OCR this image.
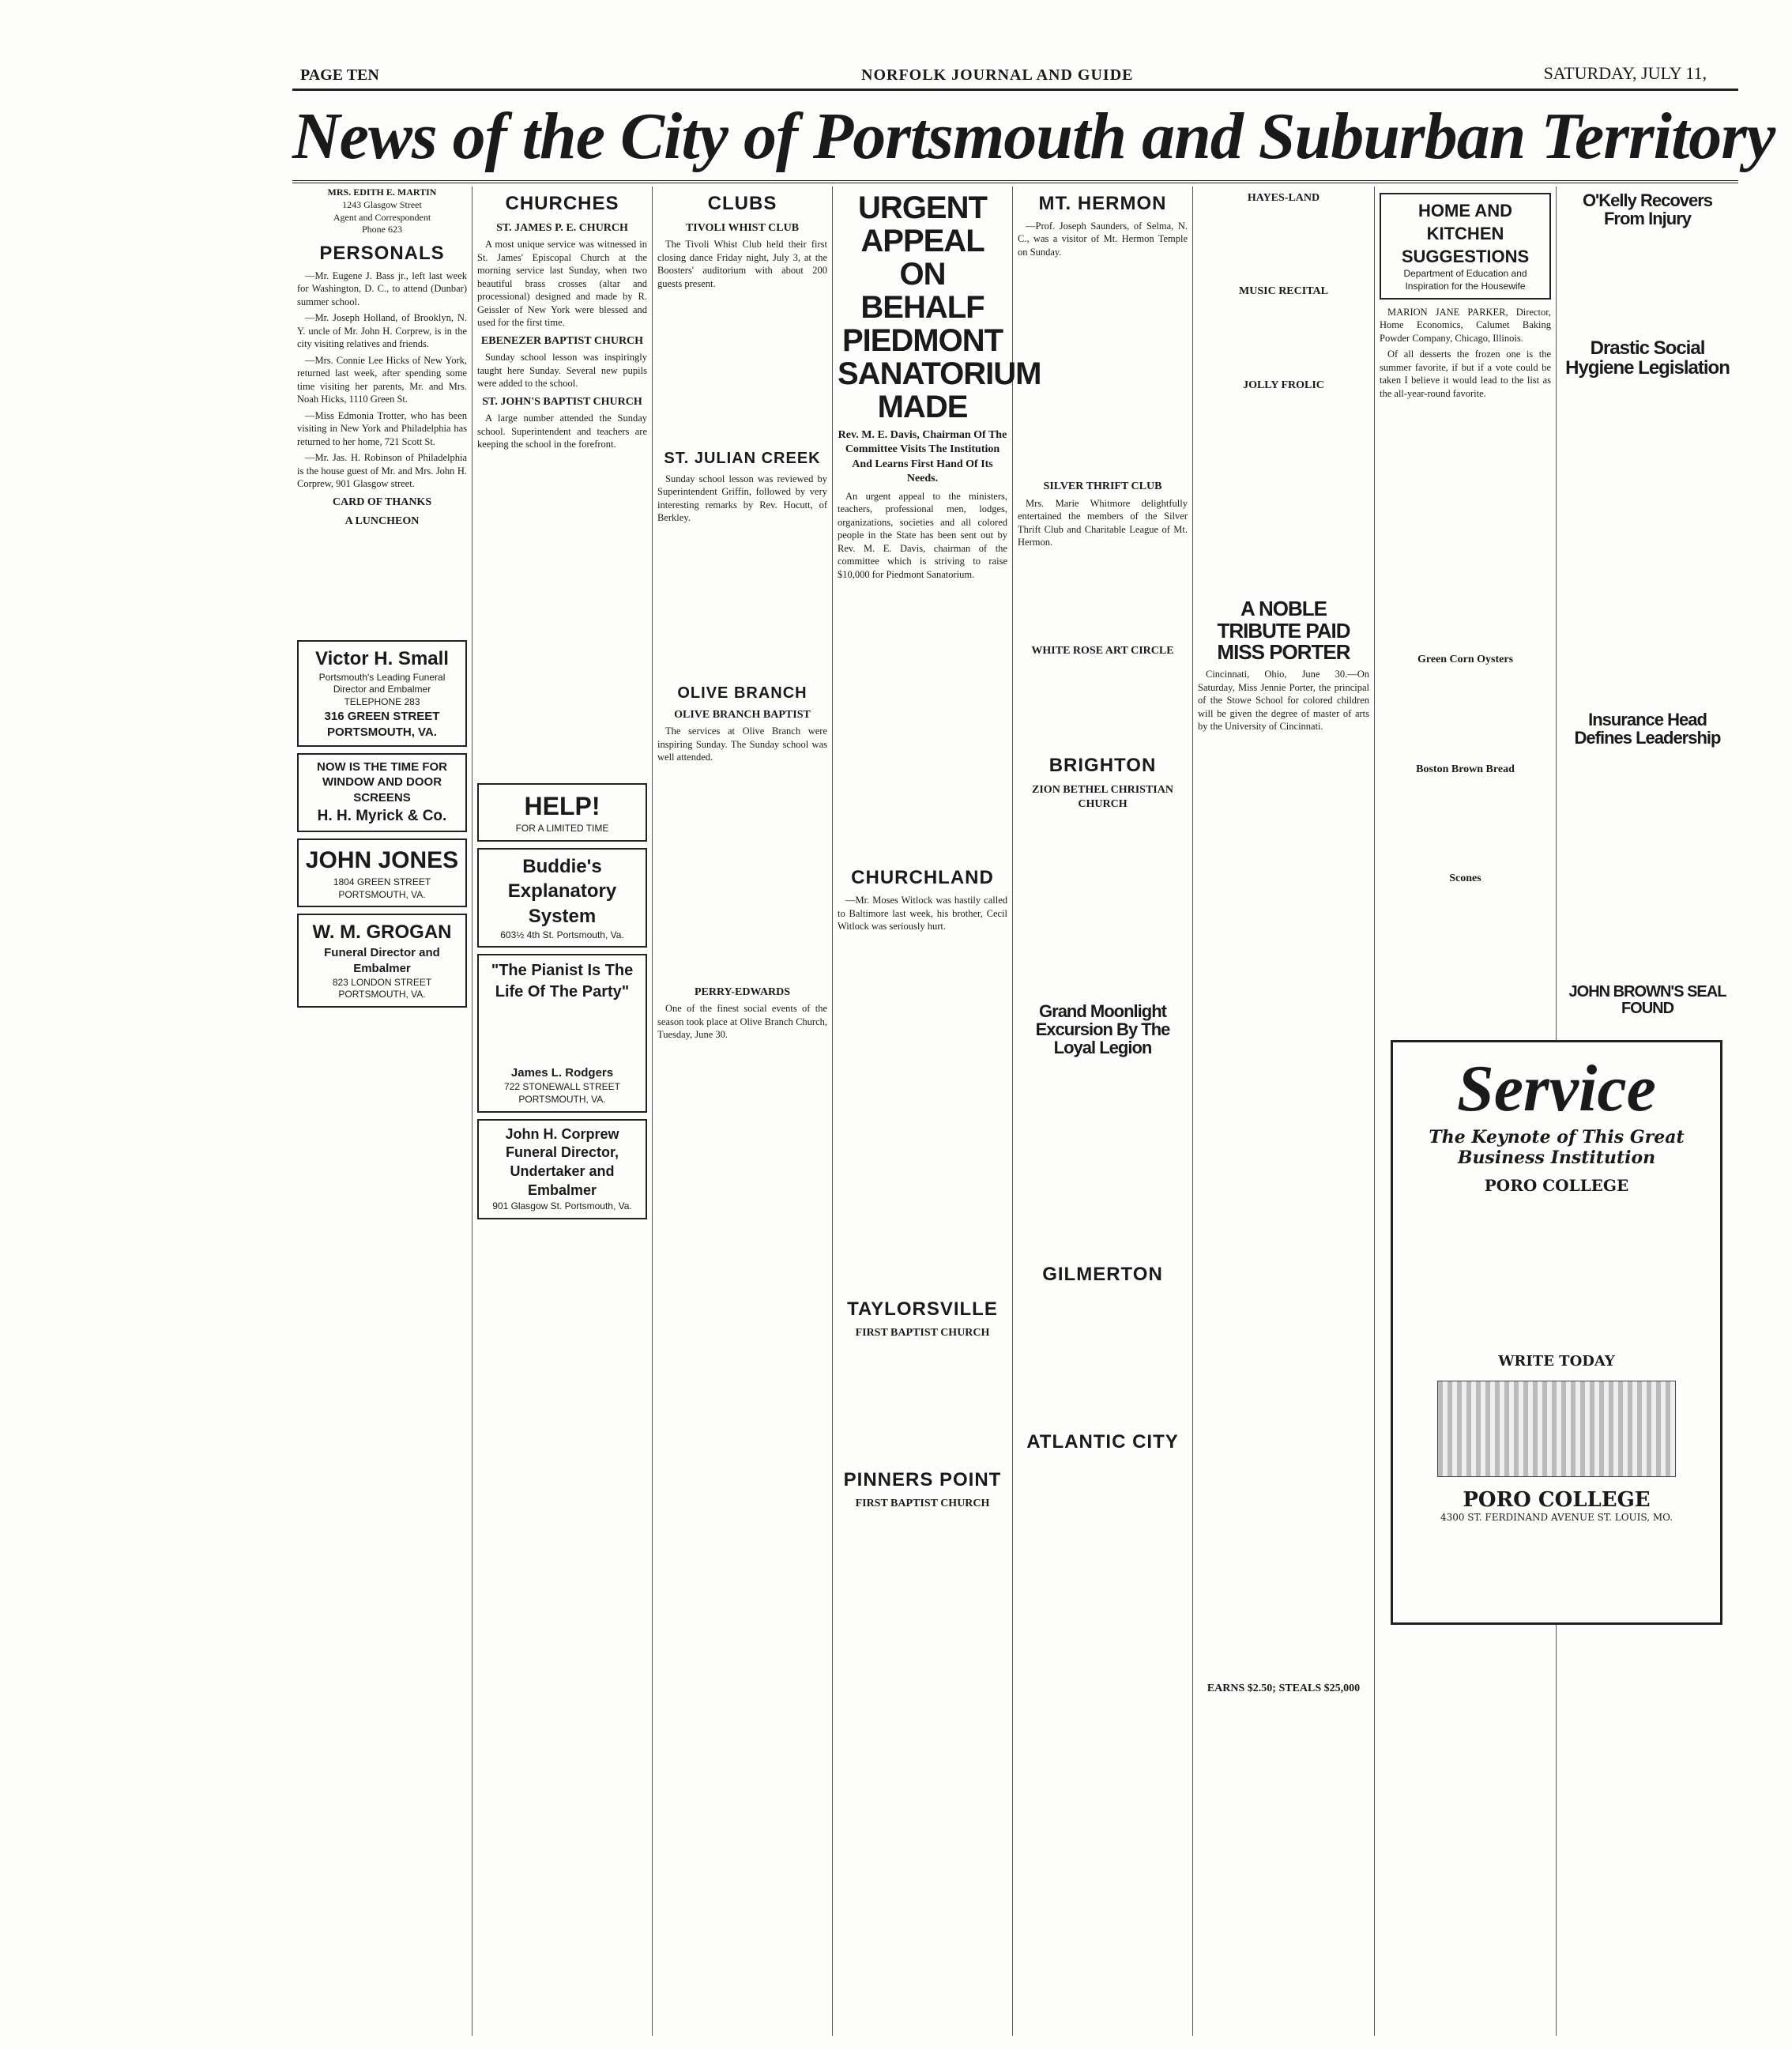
PAGE TEN	NORFOLK JOURNAL AND GUIDE	SATURDAY, JULY 11,
News of the City of Portsmouth and Suburban Territory
MRS. EDITH E. MARTIN
1243 Glasgow Street
Agent and Correspondent
Phone 623
PERSONALS

—Mr. Eugene J. Bass jr., left last week for Washington, D. C., to attend (Dunbar) summer school.

—Mr. Joseph Holland, of Brooklyn, N. Y. uncle of Mr. John H. Corprew, is in the city visiting relatives and friends.

—Mrs. Connie Lee Hicks of New York, returned last week, after spending some time visiting her parents, Mr. and Mrs. Noah Hicks, 1110 Green St.

—Miss Edmonia Trotter, who has been visiting in New York and Philadelphia has returned to her home, 721 Scott St.

—Mr. Jas. H. Robinson of Philadelphia is the house guest of Mr. and Mrs. John H. Corprew, 901 Glasgow street.

CARD OF THANKS
A LUNCHEON
Victor H. Small
Portsmouth's Leading Funeral Director and Embalmer
TELEPHONE 283
316 GREEN STREET PORTSMOUTH, VA.
NOW IS THE TIME FOR WINDOW AND DOOR SCREENS
H. H. Myrick & Co.
JOHN JONES
1804 GREEN STREET PORTSMOUTH, VA.
W. M. GROGAN
Funeral Director and Embalmer
823 LONDON STREET PORTSMOUTH, VA.
CHURCHES
ST. JAMES P. E. CHURCH

A most unique service was witnessed in St. James' Episcopal Church at the morning service last Sunday, when two beautiful brass crosses (altar and processional) designed and made by R. Geissler of New York were blessed and used for the first time.

EBENEZER BAPTIST CHURCH

Sunday school lesson was inspiringly taught here Sunday. Several new pupils were added to the school.

ST. JOHN'S BAPTIST CHURCH

A large number attended the Sunday school. Superintendent and teachers are keeping the school in the forefront.

HELP!
FOR A LIMITED TIME
Buddie's Explanatory System
603½ 4th St. Portsmouth, Va.
"The Pianist Is The Life Of The Party"
James L. Rodgers
722 STONEWALL STREET PORTSMOUTH, VA.
John H. Corprew Funeral Director, Undertaker and Embalmer
901 Glasgow St. Portsmouth, Va.
CLUBS
TIVOLI WHIST CLUB

The Tivoli Whist Club held their first closing dance Friday night, July 3, at the Boosters' auditorium with about 200 guests present.

ST. JULIAN CREEK

Sunday school lesson was reviewed by Superintendent Griffin, followed by very interesting remarks by Rev. Hocutt, of Berkley.

OLIVE BRANCH
OLIVE BRANCH BAPTIST

The services at Olive Branch were inspiring Sunday. The Sunday school was well attended.

PERRY-EDWARDS

One of the finest social events of the season took place at Olive Branch Church, Tuesday, June 30.

URGENT APPEAL ON BEHALF PIEDMONT SANATORIUM MADE
Rev. M. E. Davis, Chairman Of The Committee Visits The Institution And Learns First Hand Of Its Needs.

An urgent appeal to the ministers, teachers, professional men, lodges, organizations, societies and all colored people in the State has been sent out by Rev. M. E. Davis, chairman of the committee which is striving to raise $10,000 for Piedmont Sanatorium.

CHURCHLAND

—Mr. Moses Witlock was hastily called to Baltimore last week, his brother, Cecil Witlock was seriously hurt.

TAYLORSVILLE
FIRST BAPTIST CHURCH
PINNERS POINT
FIRST BAPTIST CHURCH
MT. HERMON

—Prof. Joseph Saunders, of Selma, N. C., was a visitor of Mt. Hermon Temple on Sunday.

SILVER THRIFT CLUB

Mrs. Marie Whitmore delightfully entertained the members of the Silver Thrift Club and Charitable League of Mt. Hermon.

WHITE ROSE ART CIRCLE
BRIGHTON
ZION BETHEL CHRISTIAN CHURCH
Grand Moonlight Excursion By The Loyal Legion
GILMERTON
ATLANTIC CITY
HAYES-LAND
MUSIC RECITAL
JOLLY FROLIC
A NOBLE TRIBUTE PAID MISS PORTER

Cincinnati, Ohio, June 30.—On Saturday, Miss Jennie Porter, the principal of the Stowe School for colored children will be given the degree of master of arts by the University of Cincinnati.

EARNS $2.50; STEALS $25,000
HOME AND KITCHEN SUGGESTIONS
Department of Education and Inspiration for the Housewife

MARION JANE PARKER, Director, Home Economics, Calumet Baking Powder Company, Chicago, Illinois.

Of all desserts the frozen one is the summer favorite, if but if a vote could be taken I believe it would lead to the list as the all-year-round favorite.

Green Corn Oysters
Boston Brown Bread
Scones
O'Kelly Recovers From Injury
Drastic Social Hygiene Legislation
Insurance Head Defines Leadership
JOHN BROWN'S SEAL FOUND
Service
The Keynote of This Great Business Institution
PORO COLLEGE
WRITE TODAY
PORO COLLEGE
4300 ST. FERDINAND AVENUE ST. LOUIS, MO.
